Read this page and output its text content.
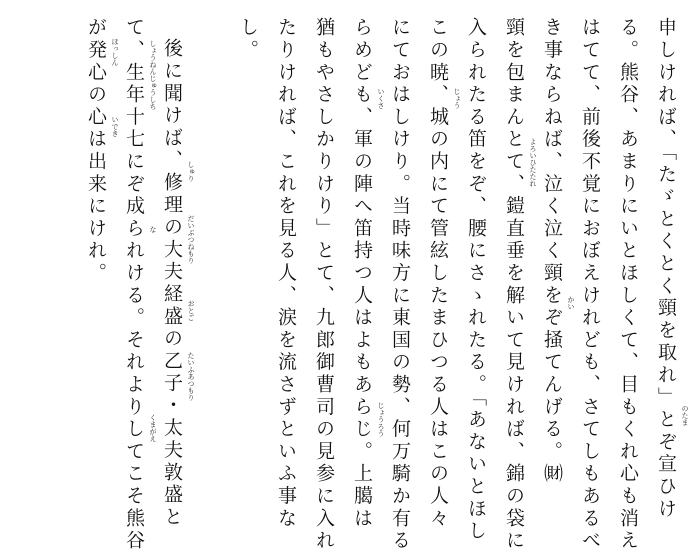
申しければ、「たゞとくとく頸を取れ」とぞ宣ひけ
る。熊谷、あまりにいとほしくて、目もくれ心も消え
はてて、前後不覚におぼえけれども、さてしもあるべ
き事ならねば、泣く泣く頸をぞ掻てんげる。㈶
頸を包まんとて、鎧直垂を解いて見ければ、錦の袋に
入られたる笛をぞ、腰にさゝれたる。「あないとほし
この暁、城の内にて管絃したまひつる人はこの人々
にておはしけり。当時味方に東国の勢、何万騎か有る
らめども、軍の陣へ笛持つ人はよもあらじ。上臈は
猶もやさしかりけり」とて、九郎御曹司の見参に入れ
たりければ、これを見る人、涙を流さずといふ事な
し。
後に聞けば、修理の大夫経盛の乙子・太夫敦盛と
て、生年十七にぞ成られける。それよりしてこそ熊谷
が発心の心は出来にけれ。
のたま
かい
よろいひたたれ
じょう
いくさ
じょうろう
しゅり
だいぶつねもり
おとご
たいふあつもり
しょうねんじゅうしち
な
くまがえ
ほっしん
いでき
